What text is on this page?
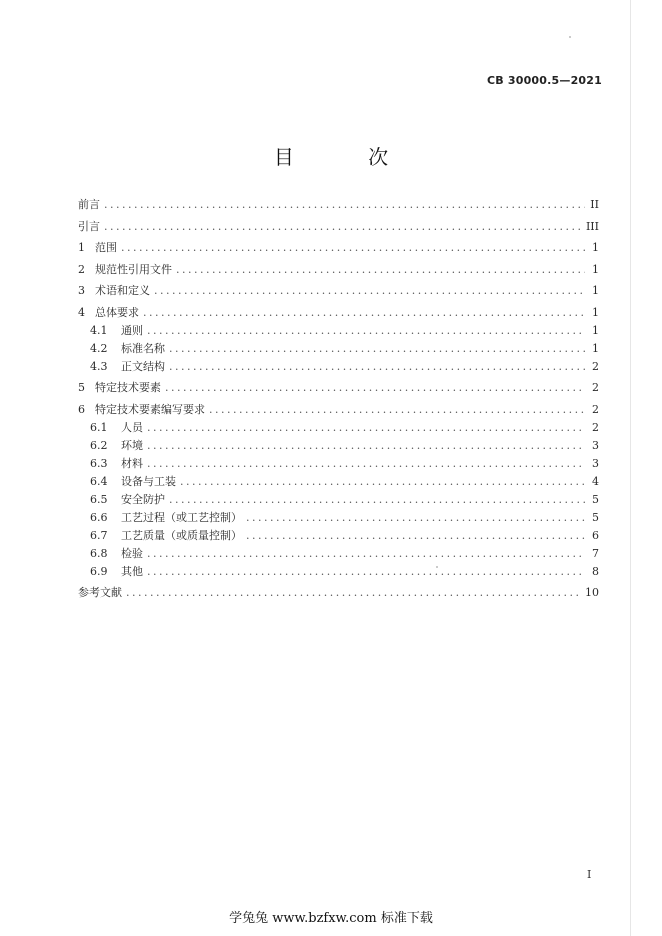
CB 30000.5—2021
目 次
前言 . . .	II
引言 . . .	III
1 范围 . . .	1
2 规范性引用文件 . . .	1
3 术语和定义 . . .	1
4 总体要求 . . .	1
4.1	通则 . . .	1
4.2	标准名称 . . .	1
4.3	正文结构 . . .	2
5 特定技术要素 . . .	2
6 特定技术要素编写要求 . . .	2
6.1	人员 . . .	2
6.2	环境 . . .	3
6.3	材料 . . .	3
6.4	设备与工装 . . .	4
6.5	安全防护 . . .	5
6.6	工艺过程（或工艺控制） . . .	5
6.7	工艺质量（或质量控制） . . .	6
6.8	检验 . . .	7
6.9	其他 . . .	8
参考文献 . . .	10
I
学兔兔 www.bzfxw.com 标准下载
